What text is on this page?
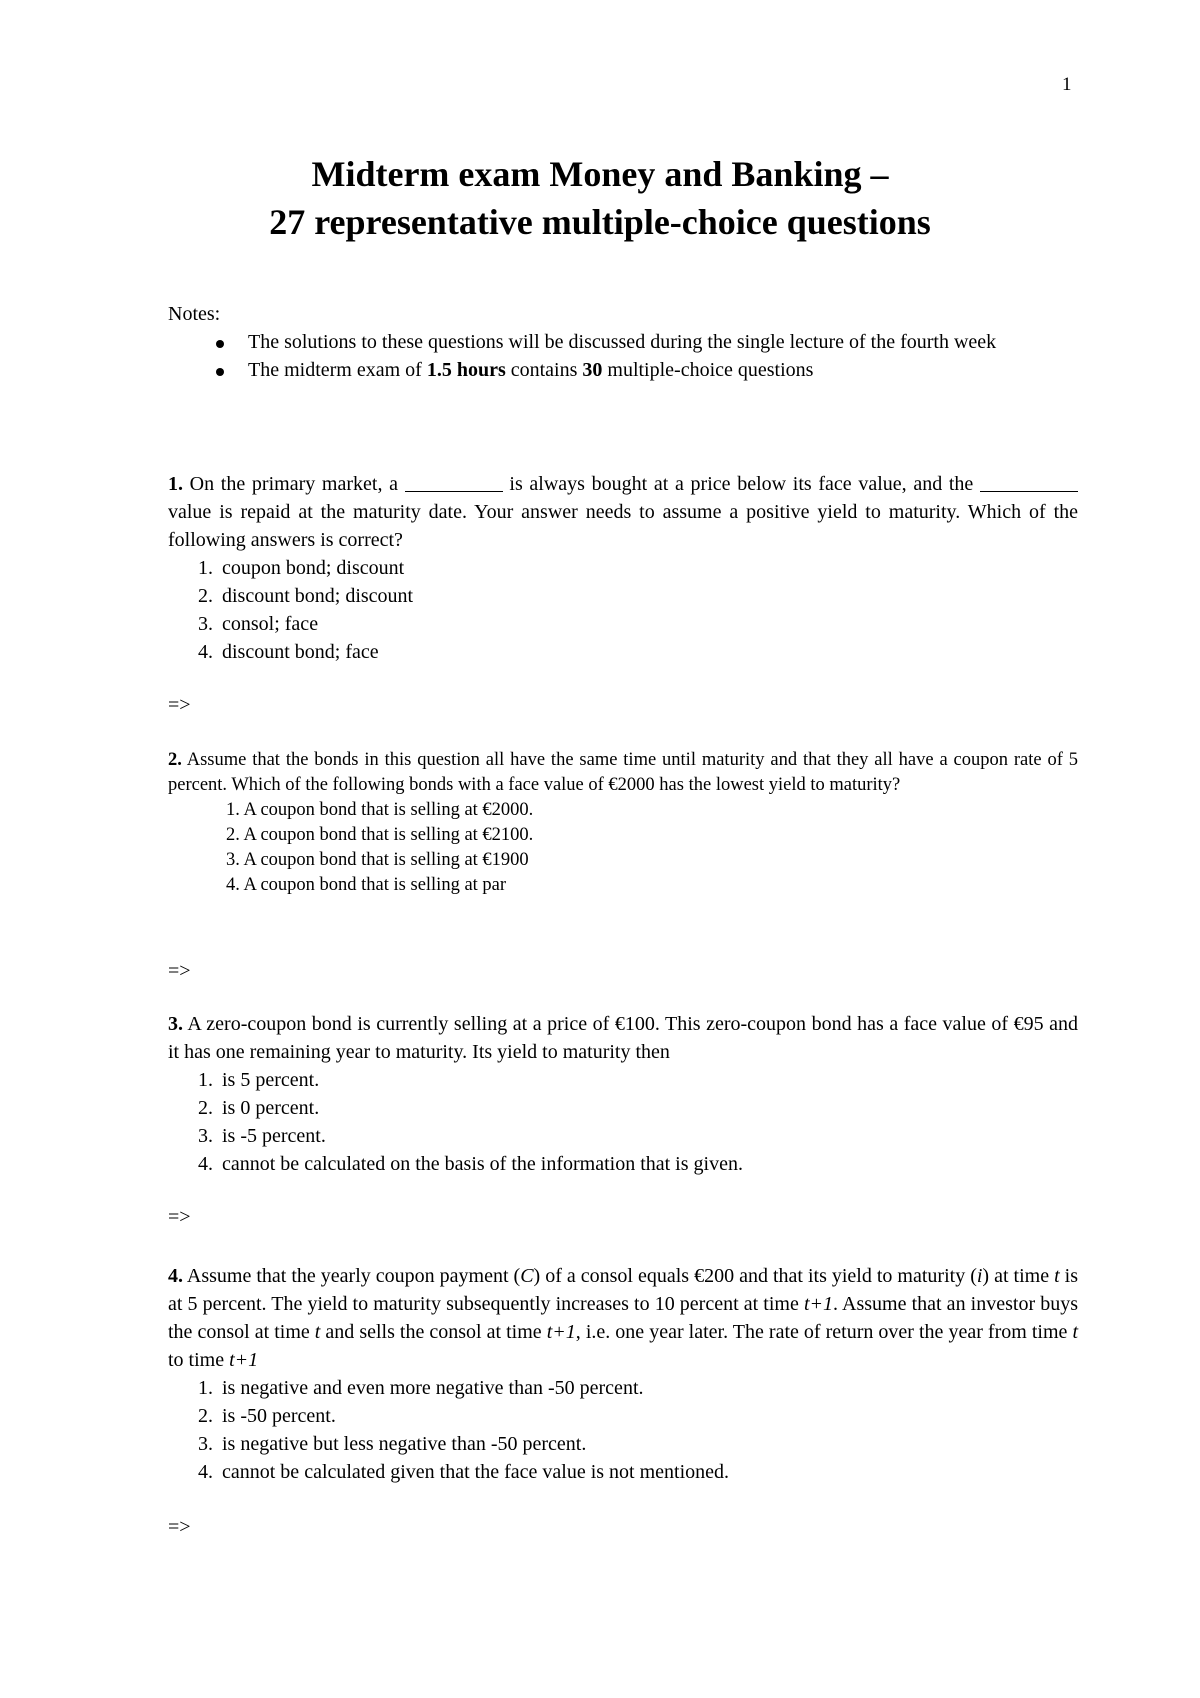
1
Midterm exam Money and Banking –
27 representative multiple-choice questions
Notes:
The solutions to these questions will be discussed during the single lecture of the fourth week
The midterm exam of 1.5 hours contains 30 multiple-choice questions
1. On the primary market, a	is always bought at a price below its face value, and the  value is repaid at the maturity date. Your answer needs to assume a positive yield to maturity. Which of the following answers is correct?
1. coupon bond; discount
2. discount bond; discount
3. consol; face
4. discount bond; face
=>
2. Assume that the bonds in this question all have the same time until maturity and that they all have a coupon rate of 5 percent. Which of the following bonds with a face value of €2000 has the lowest yield to maturity?
1. A coupon bond that is selling at €2000.
2. A coupon bond that is selling at €2100.
3. A coupon bond that is selling at €1900
4. A coupon bond that is selling at par
=>
3. A zero-coupon bond is currently selling at a price of €100. This zero-coupon bond has a face value of €95 and it has one remaining year to maturity. Its yield to maturity then
1. is 5 percent.
2. is 0 percent.
3. is -5 percent.
4. cannot be calculated on the basis of the information that is given.
=>
4. Assume that the yearly coupon payment (C) of a consol equals €200 and that its yield to maturity (i) at time t is at 5 percent. The yield to maturity subsequently increases to 10 percent at time t+1. Assume that an investor buys the consol at time t and sells the consol at time t+1, i.e. one year later. The rate of return over the year from time t to time t+1
1. is negative and even more negative than -50 percent.
2. is -50 percent.
3. is negative but less negative than -50 percent.
4. cannot be calculated given that the face value is not mentioned.
=>
